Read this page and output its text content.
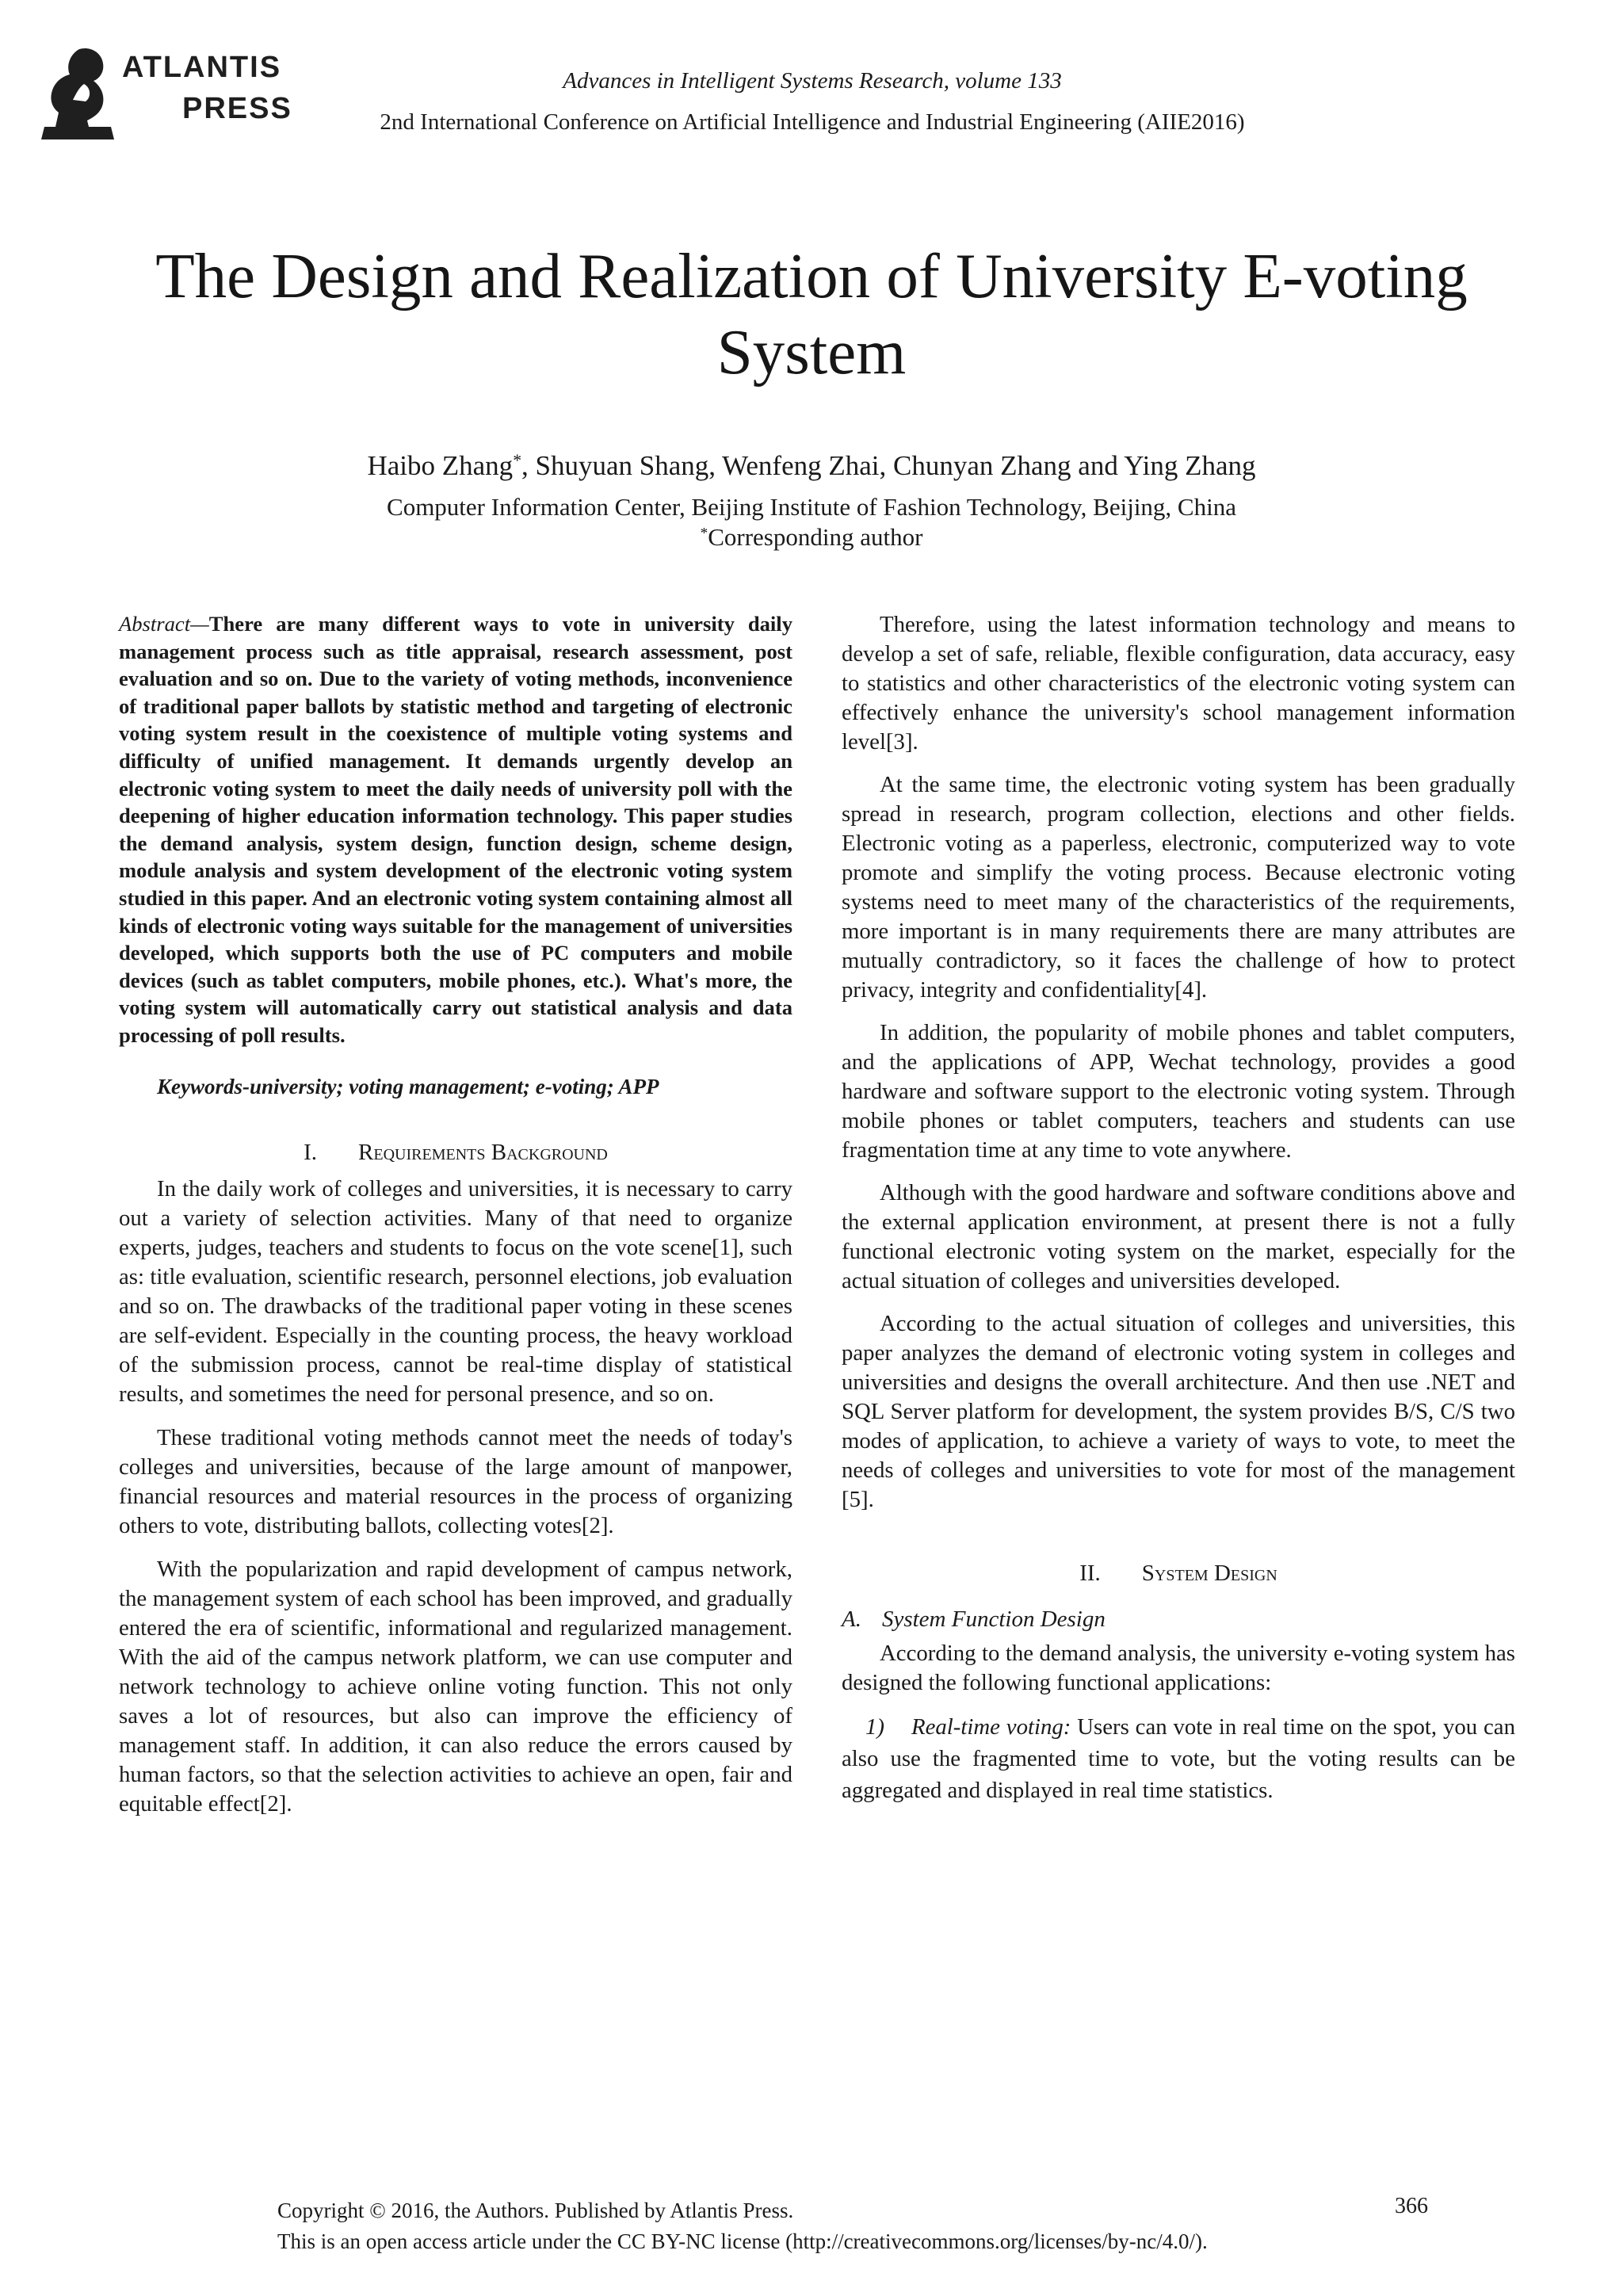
ATLANTIS
PRESS
Advances in Intelligent Systems Research, volume 133
2nd International Conference on Artificial Intelligence and Industrial Engineering (AIIE2016)
The Design and Realization of University E-voting System
Haibo Zhang*, Shuyuan Shang, Wenfeng Zhai, Chunyan Zhang and Ying Zhang
Computer Information Center, Beijing Institute of Fashion Technology, Beijing, China
*Corresponding author

Abstract—There are many different ways to vote in university daily management process such as title appraisal, research assessment, post evaluation and so on. Due to the variety of voting methods, inconvenience of traditional paper ballots by statistic method and targeting of electronic voting system result in the coexistence of multiple voting systems and difficulty of unified management. It demands urgently develop an electronic voting system to meet the daily needs of university poll with the deepening of higher education information technology. This paper studies the demand analysis, system design, function design, scheme design, module analysis and system development of the electronic voting system studied in this paper. And an electronic voting system containing almost all kinds of electronic voting ways suitable for the management of universities developed, which supports both the use of PC computers and mobile devices (such as tablet computers, mobile phones, etc.). What's more, the voting system will automatically carry out statistical analysis and data processing of poll results.

Keywords-university; voting management; e-voting; APP

I. Requirements Background

In the daily work of colleges and universities, it is necessary to carry out a variety of selection activities. Many of that need to organize experts, judges, teachers and students to focus on the vote scene[1], such as: title evaluation, scientific research, personnel elections, job evaluation and so on. The drawbacks of the traditional paper voting in these scenes are self-evident. Especially in the counting process, the heavy workload of the submission process, cannot be real-time display of statistical results, and sometimes the need for personal presence, and so on.

These traditional voting methods cannot meet the needs of today's colleges and universities, because of the large amount of manpower, financial resources and material resources in the process of organizing others to vote, distributing ballots, collecting votes[2].

With the popularization and rapid development of campus network, the management system of each school has been improved, and gradually entered the era of scientific, informational and regularized management. With the aid of the campus network platform, we can use computer and network technology to achieve online voting function. This not only saves a lot of resources, but also can improve the efficiency of management staff. In addition, it can also reduce the errors caused by human factors, so that the selection activities to achieve an open, fair and equitable effect[2].

Therefore, using the latest information technology and means to develop a set of safe, reliable, flexible configuration, data accuracy, easy to statistics and other characteristics of the electronic voting system can effectively enhance the university's school management information level[3].

At the same time, the electronic voting system has been gradually spread in research, program collection, elections and other fields. Electronic voting as a paperless, electronic, computerized way to vote promote and simplify the voting process. Because electronic voting systems need to meet many of the characteristics of the requirements, more important is in many requirements there are many attributes are mutually contradictory, so it faces the challenge of how to protect privacy, integrity and confidentiality[4].

In addition, the popularity of mobile phones and tablet computers, and the applications of APP, Wechat technology, provides a good hardware and software support to the electronic voting system. Through mobile phones or tablet computers, teachers and students can use fragmentation time at any time to vote anywhere.

Although with the good hardware and software conditions above and the external application environment, at present there is not a fully functional electronic voting system on the market, especially for the actual situation of colleges and universities developed.

According to the actual situation of colleges and universities, this paper analyzes the demand of electronic voting system in colleges and universities and designs the overall architecture. And then use .NET and SQL Server platform for development, the system provides B/S, C/S two modes of application, to achieve a variety of ways to vote, to meet the needs of colleges and universities to vote for most of the management [5].

II. System Design
A. System Function Design

According to the demand analysis, the university e-voting system has designed the following functional applications:

1) Real-time voting: Users can vote in real time on the spot, you can also use the fragmented time to vote, but the voting results can be aggregated and displayed in real time statistics.

Copyright © 2016, the Authors. Published by Atlantis Press.	366
This is an open access article under the CC BY-NC license (http://creativecommons.org/licenses/by-nc/4.0/).
